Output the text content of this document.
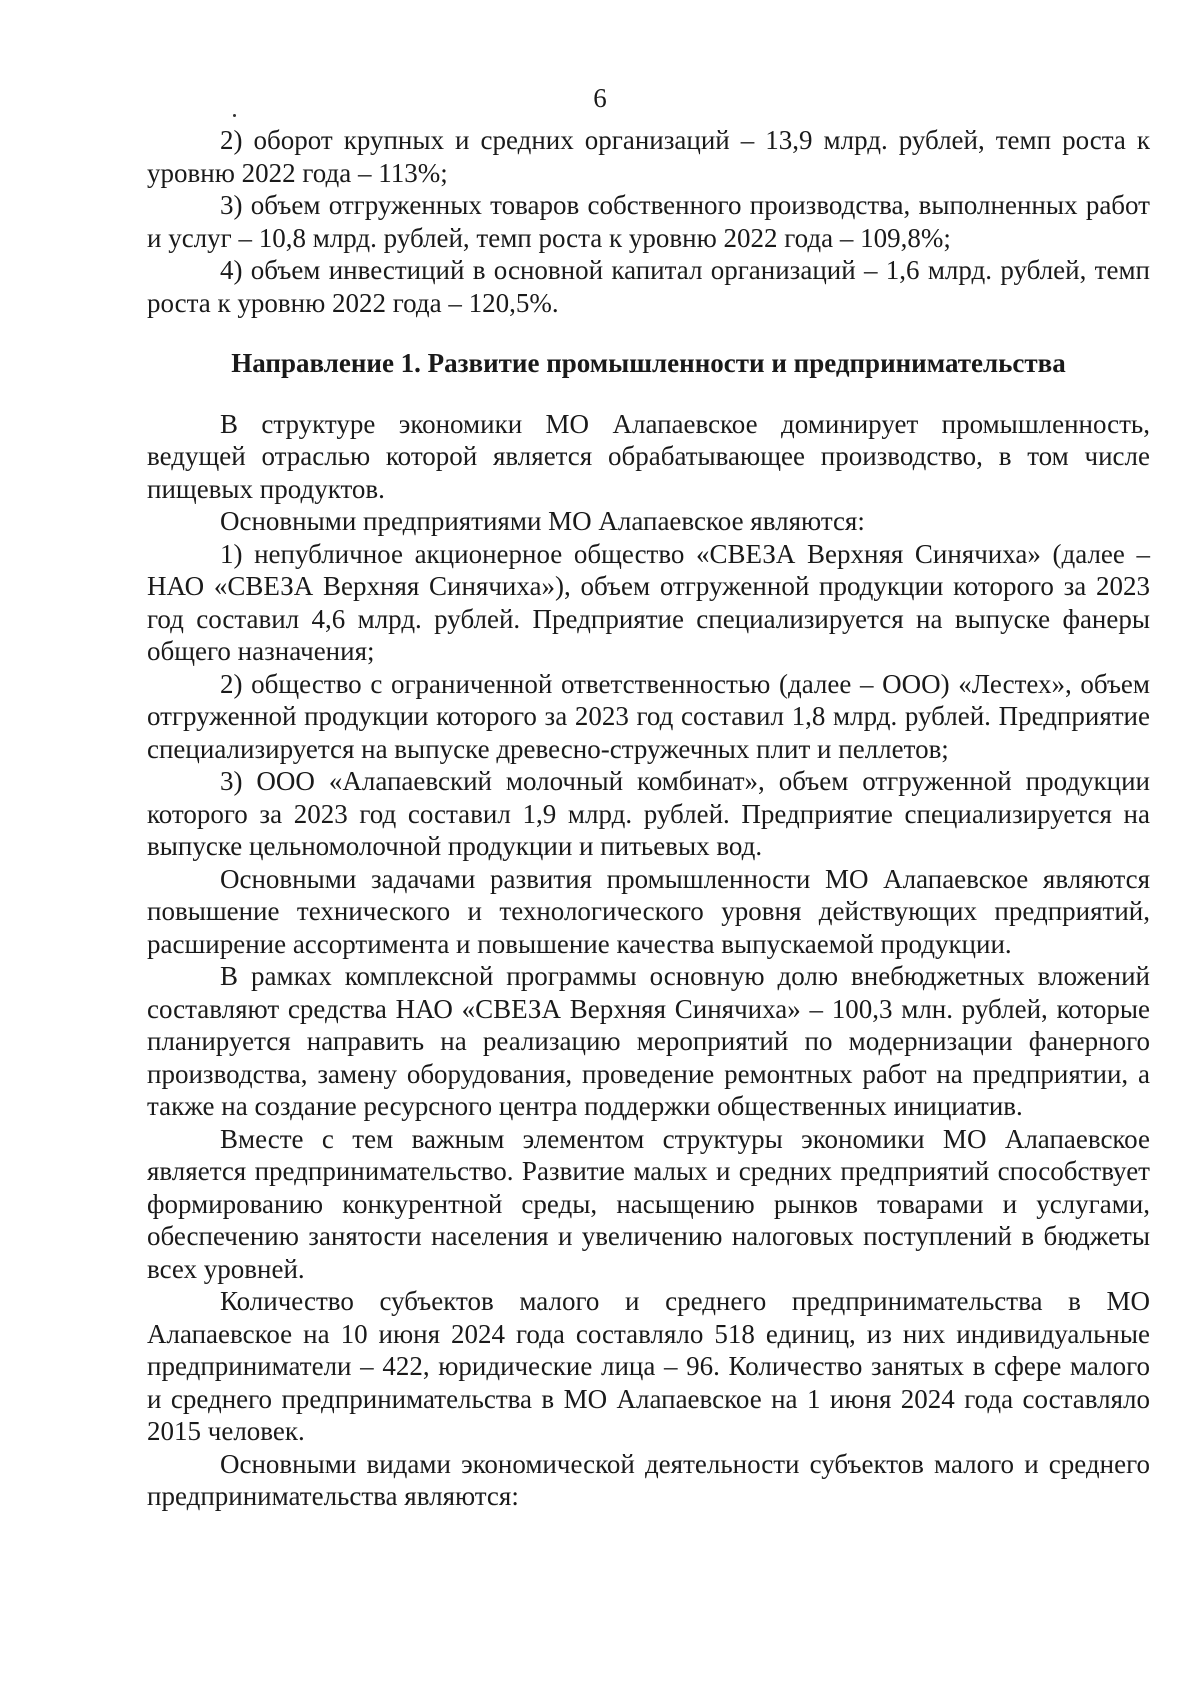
6

2) оборот крупных и средних организаций – 13,9 млрд. рублей, темп роста к уровню 2022 года – 113%;

3) объем отгруженных товаров собственного производства, выполненных работ и услуг – 10,8 млрд. рублей, темп роста к уровню 2022 года – 109,8%;

4) объем инвестиций в основной капитал организаций – 1,6 млрд. рублей, темп роста к уровню 2022 года – 120,5%.

Направление 1. Развитие промышленности и предпринимательства

В структуре экономики МО Алапаевское доминирует промышленность, ведущей отраслью которой является обрабатывающее производство, в том числе пищевых продуктов.

Основными предприятиями МО Алапаевское являются:

1) непубличное акционерное общество «СВЕЗА Верхняя Синячиха» (далее – НАО «СВЕЗА Верхняя Синячиха»), объем отгруженной продукции которого за 2023 год составил 4,6 млрд. рублей. Предприятие специализируется на выпуске фанеры общего назначения;

2) общество с ограниченной ответственностью (далее – ООО) «Лестех», объем отгруженной продукции которого за 2023 год составил 1,8 млрд. рублей. Предприятие специализируется на выпуске древесно-стружечных плит и пеллетов;

3) ООО «Алапаевский молочный комбинат», объем отгруженной продукции которого за 2023 год составил 1,9 млрд. рублей. Предприятие специализируется на выпуске цельномолочной продукции и питьевых вод.

Основными задачами развития промышленности МО Алапаевское являются повышение технического и технологического уровня действующих предприятий, расширение ассортимента и повышение качества выпускаемой продукции.

В рамках комплексной программы основную долю внебюджетных вложений составляют средства НАО «СВЕЗА Верхняя Синячиха» – 100,3 млн. рублей, которые планируется направить на реализацию мероприятий по модернизации фанерного производства, замену оборудования, проведение ремонтных работ на предприятии, а также на создание ресурсного центра поддержки общественных инициатив.

Вместе с тем важным элементом структуры экономики МО Алапаевское является предпринимательство. Развитие малых и средних предприятий способствует формированию конкурентной среды, насыщению рынков товарами и услугами, обеспечению занятости населения и увеличению налоговых поступлений в бюджеты всех уровней.

Количество субъектов малого и среднего предпринимательства в МО Алапаевское на 10 июня 2024 года составляло 518 единиц, из них индивидуальные предприниматели – 422, юридические лица – 96. Количество занятых в сфере малого и среднего предпринимательства в МО Алапаевское на 1 июня 2024 года составляло 2015 человек.

Основными видами экономической деятельности субъектов малого и среднего предпринимательства являются:
